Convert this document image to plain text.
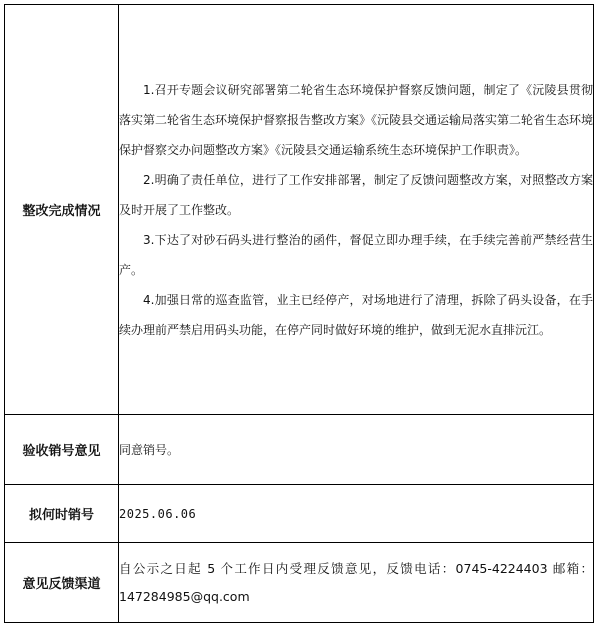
整改完成情况	1.召开专题会议研究部署第二轮省生态环境保护督察反馈问题，制定了《沅陵县贯彻落实第二轮省生态环境保护督察报告整改方案》《沅陵县交通运输局落实第二轮省生态环境保护督察交办问题整改方案》《沅陵县交通运输系统生态环境保护工作职责》。

2.明确了责任单位，进行了工作安排部署，制定了反馈问题整改方案，对照整改方案及时开展了工作整改。

3.下达了对砂石码头进行整治的函件，督促立即办理手续，在手续完善前严禁经营生产。

4.加强日常的巡查监管，业主已经停产，对场地进行了清理，拆除了码头设备，在手续办理前严禁启用码头功能，在停产同时做好环境的维护，做到无泥水直排沅江。

验收销号意见	同意销号。

拟何时销号	2025.06.06

意见反馈渠道	自公示之日起 5 个工作日内受理反馈意见，反馈电话：0745-4224403 邮箱：147284985@qq.com
